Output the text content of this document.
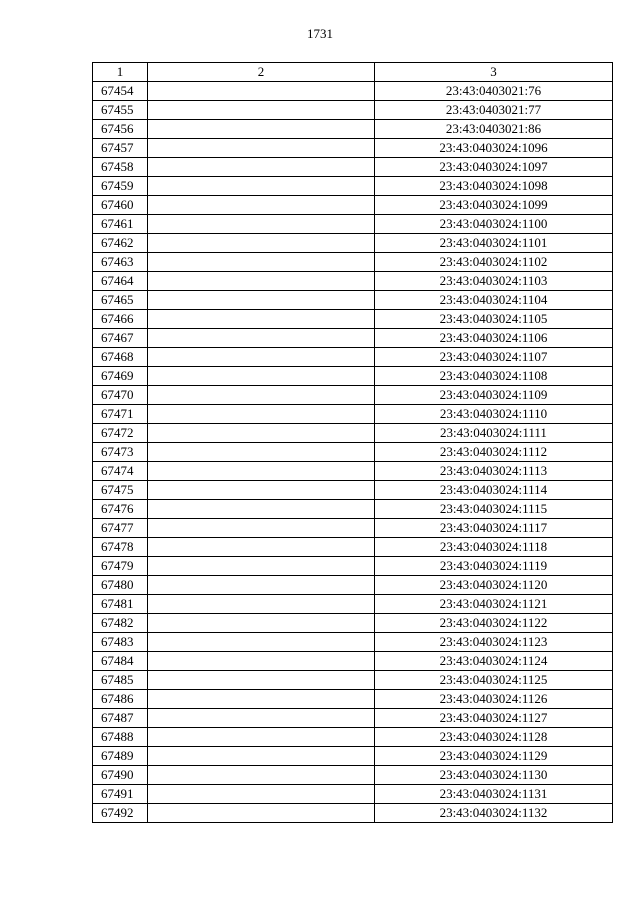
1731
1	2	3
67454		23:43:0403021:76
67455		23:43:0403021:77
67456		23:43:0403021:86
67457		23:43:0403024:1096
67458		23:43:0403024:1097
67459		23:43:0403024:1098
67460		23:43:0403024:1099
67461		23:43:0403024:1100
67462		23:43:0403024:1101
67463		23:43:0403024:1102
67464		23:43:0403024:1103
67465		23:43:0403024:1104
67466		23:43:0403024:1105
67467		23:43:0403024:1106
67468		23:43:0403024:1107
67469		23:43:0403024:1108
67470		23:43:0403024:1109
67471		23:43:0403024:1110
67472		23:43:0403024:1111
67473		23:43:0403024:1112
67474		23:43:0403024:1113
67475		23:43:0403024:1114
67476		23:43:0403024:1115
67477		23:43:0403024:1117
67478		23:43:0403024:1118
67479		23:43:0403024:1119
67480		23:43:0403024:1120
67481		23:43:0403024:1121
67482		23:43:0403024:1122
67483		23:43:0403024:1123
67484		23:43:0403024:1124
67485		23:43:0403024:1125
67486		23:43:0403024:1126
67487		23:43:0403024:1127
67488		23:43:0403024:1128
67489		23:43:0403024:1129
67490		23:43:0403024:1130
67491		23:43:0403024:1131
67492		23:43:0403024:1132
